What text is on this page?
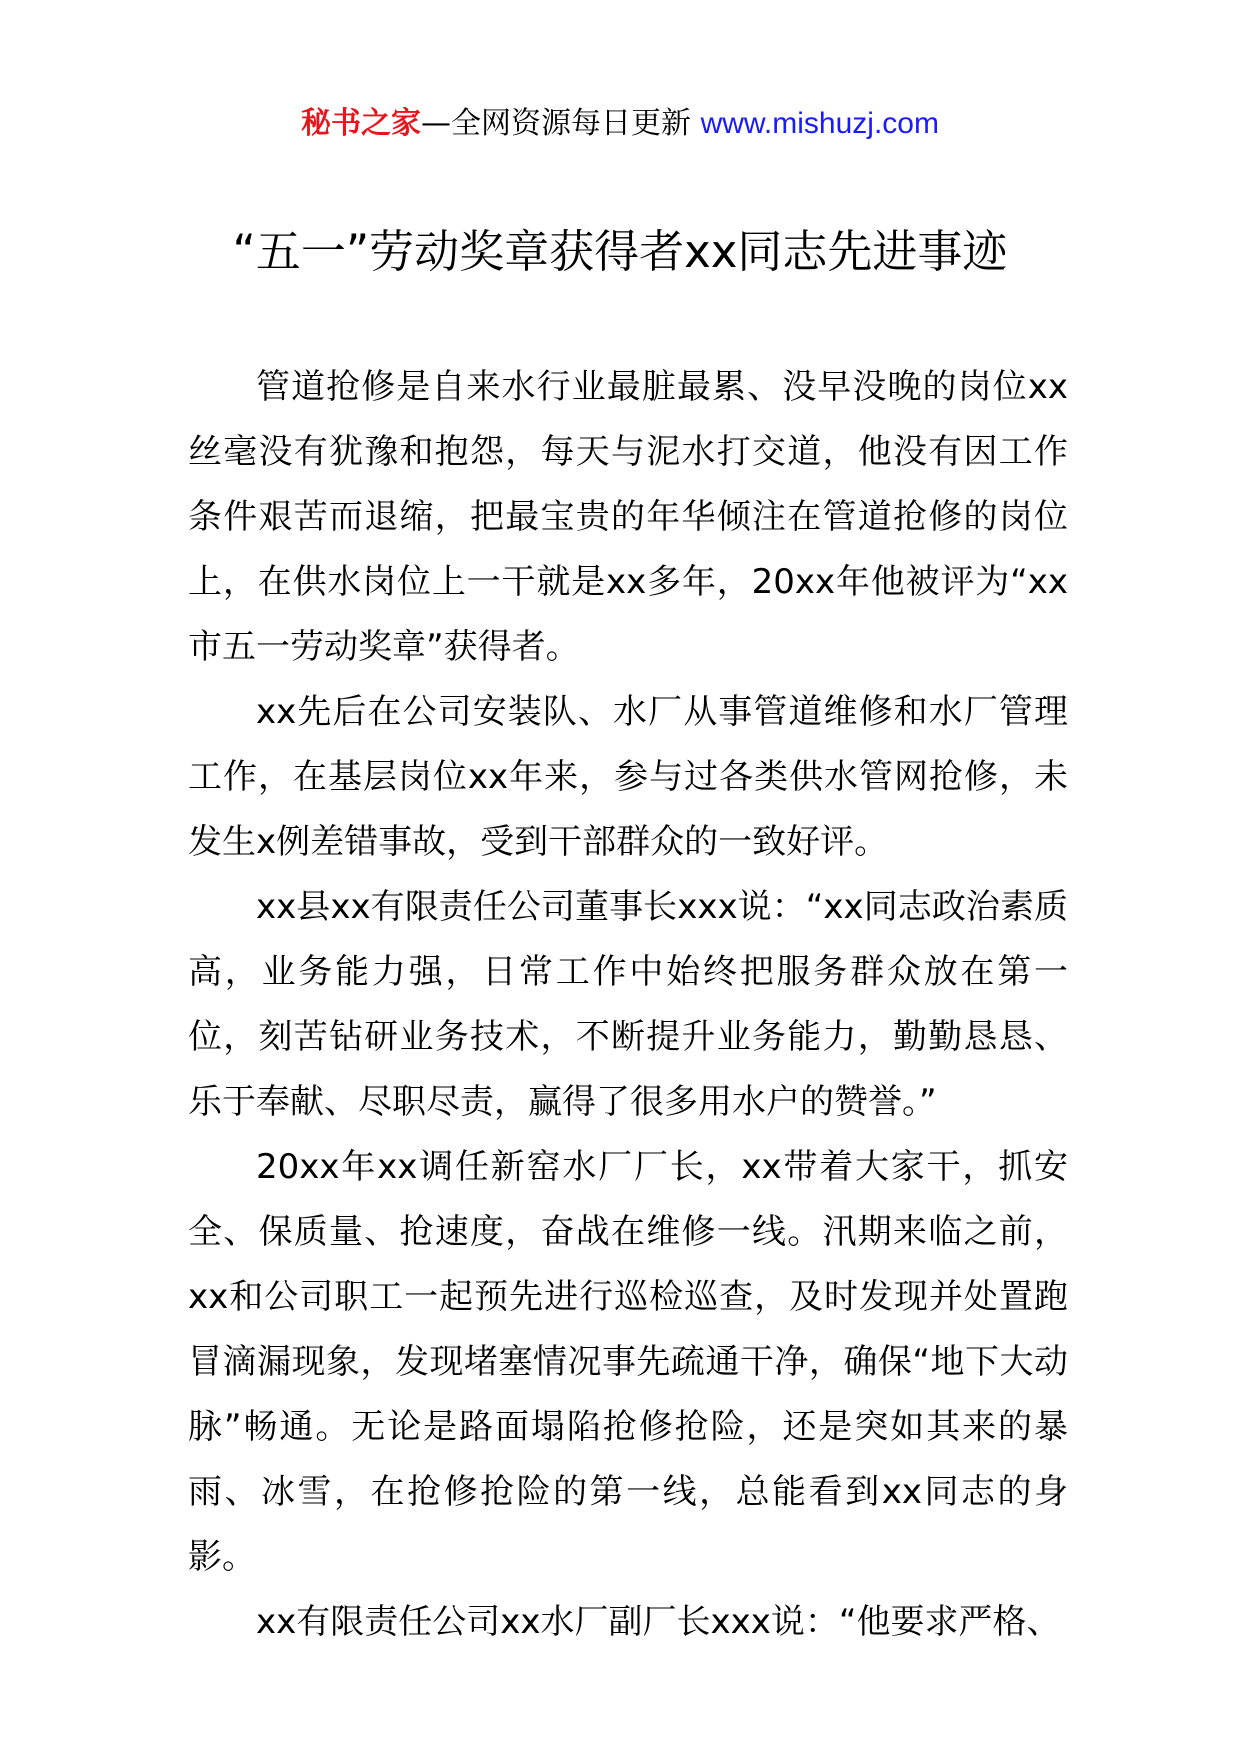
秘书之家—全网资源每日更新 www.mishuzj.com
“五一”劳动奖章获得者xx同志先进事迹

管道抢修是自来水行业最脏最累、没早没晚的岗位xx丝毫没有犹豫和抱怨，每天与泥水打交道，他没有因工作条件艰苦而退缩，把最宝贵的年华倾注在管道抢修的岗位上，在供水岗位上一干就是xx多年，20xx年他被评为“xx市五一劳动奖章”获得者。

xx先后在公司安装队、水厂从事管道维修和水厂管理工作，在基层岗位xx年来，参与过各类供水管网抢修，未发生x例差错事故，受到干部群众的一致好评。

xx县xx有限责任公司董事长xxx说：“xx同志政治素质高，业务能力强，日常工作中始终把服务群众放在第一位，刻苦钻研业务技术，不断提升业务能力，勤勤恳恳、乐于奉献、尽职尽责，赢得了很多用水户的赞誉。”

20xx年xx调任新窑水厂厂长，xx带着大家干，抓安全、保质量、抢速度，奋战在维修一线。汛期来临之前，xx和公司职工一起预先进行巡检巡查，及时发现并处置跑冒滴漏现象，发现堵塞情况事先疏通干净，确保“地下大动脉”畅通。无论是路面塌陷抢修抢险，还是突如其来的暴雨、冰雪，在抢修抢险的第一线，总能看到xx同志的身影。

xx有限责任公司xx水厂副厂长xxx说：“他要求严格、
